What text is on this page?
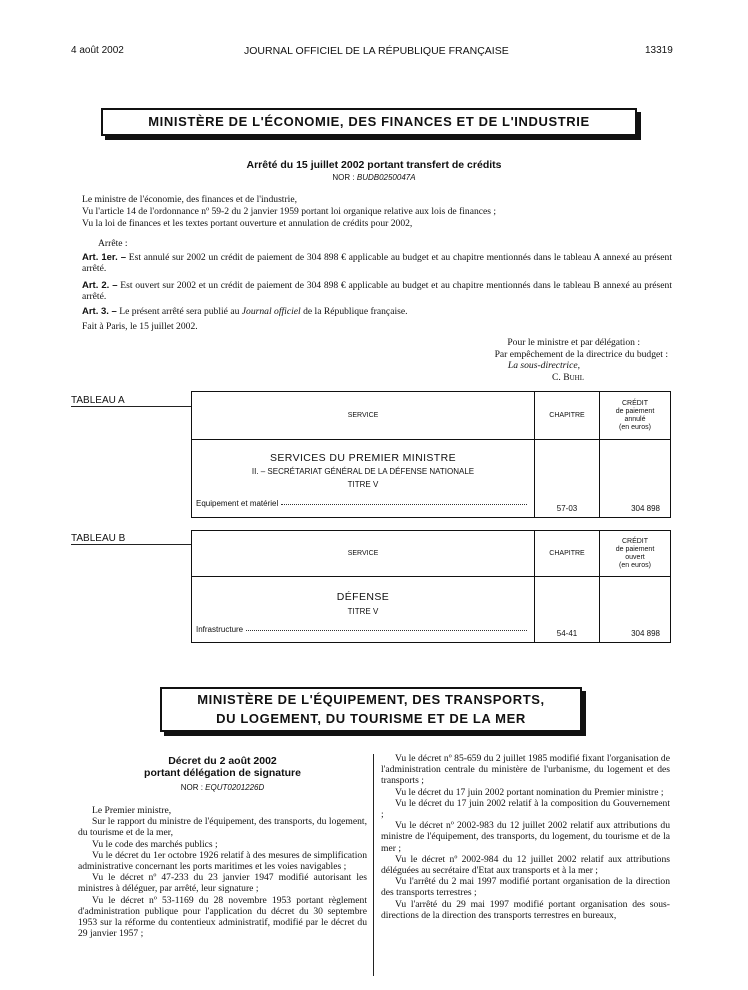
4 août 2002	JOURNAL OFFICIEL DE LA RÉPUBLIQUE FRANÇAISE	13319
MINISTÈRE DE L'ÉCONOMIE, DES FINANCES ET DE L'INDUSTRIE
Arrêté du 15 juillet 2002 portant transfert de crédits
NOR : BUDB0250047A
Le ministre de l'économie, des finances et de l'industrie,
Vu l'article 14 de l'ordonnance nº 59-2 du 2 janvier 1959 portant loi organique relative aux lois de finances ;
Vu la loi de finances et les textes portant ouverture et annulation de crédits pour 2002,
Arrête :
Art. 1er. – Est annulé sur 2002 un crédit de paiement de 304 898 € applicable au budget et au chapitre mentionnés dans le tableau A annexé au présent arrêté.
Art. 2. – Est ouvert sur 2002 et un crédit de paiement de 304 898 € applicable au budget et au chapitre mentionnés dans le tableau B annexé au présent arrêté.
Art. 3. – Le présent arrêté sera publié au Journal officiel de la République française.
Fait à Paris, le 15 juillet 2002.
Pour le ministre et par délégation :
Par empêchement de la directrice du budget :
La sous-directrice,
C. Buhl
TABLEAU A
SERVICE	CHAPITRE	CRÉDIT
de paiement
annulé
(en euros)

SERVICES DU PREMIER MINISTRE
II. – SECRÉTARIAT GÉNÉRAL DE LA DÉFENSE NATIONALE
TITRE V
Equipement et matériel	57-03	304 898
TABLEAU B
SERVICE	CHAPITRE	CRÉDIT
de paiement
ouvert
(en euros)

DÉFENSE
TITRE V
Infrastructure	54-41	304 898
MINISTÈRE DE L'ÉQUIPEMENT, DES TRANSPORTS,
DU LOGEMENT, DU TOURISME ET DE LA MER
Décret du 2 août 2002
portant délégation de signature
NOR : EQUT0201226D

Le Premier ministre,

Sur le rapport du ministre de l'équipement, des transports, du logement, du tourisme et de la mer,

Vu le code des marchés publics ;

Vu le décret du 1er octobre 1926 relatif à des mesures de simplification administrative concernant les ports maritimes et les voies navigables ;

Vu le décret nº 47-233 du 23 janvier 1947 modifié autorisant les ministres à déléguer, par arrêté, leur signature ;

Vu le décret nº 53-1169 du 28 novembre 1953 portant règlement d'administration publique pour l'application du décret du 30 septembre 1953 sur la réforme du contentieux administratif, modifié par le décret du 29 janvier 1957 ;

Vu le décret nº 85-659 du 2 juillet 1985 modifié fixant l'organisation de l'administration centrale du ministère de l'urbanisme, du logement et des transports ;

Vu le décret du 17 juin 2002 portant nomination du Premier ministre ;

Vu le décret du 17 juin 2002 relatif à la composition du Gouvernement ;

Vu le décret nº 2002-983 du 12 juillet 2002 relatif aux attributions du ministre de l'équipement, des transports, du logement, du tourisme et de la mer ;

Vu le décret nº 2002-984 du 12 juillet 2002 relatif aux attributions déléguées au secrétaire d'Etat aux transports et à la mer ;

Vu l'arrêté du 2 mai 1997 modifié portant organisation de la direction des transports terrestres ;

Vu l'arrêté du 29 mai 1997 modifié portant organisation des sous-directions de la direction des transports terrestres en bureaux,
